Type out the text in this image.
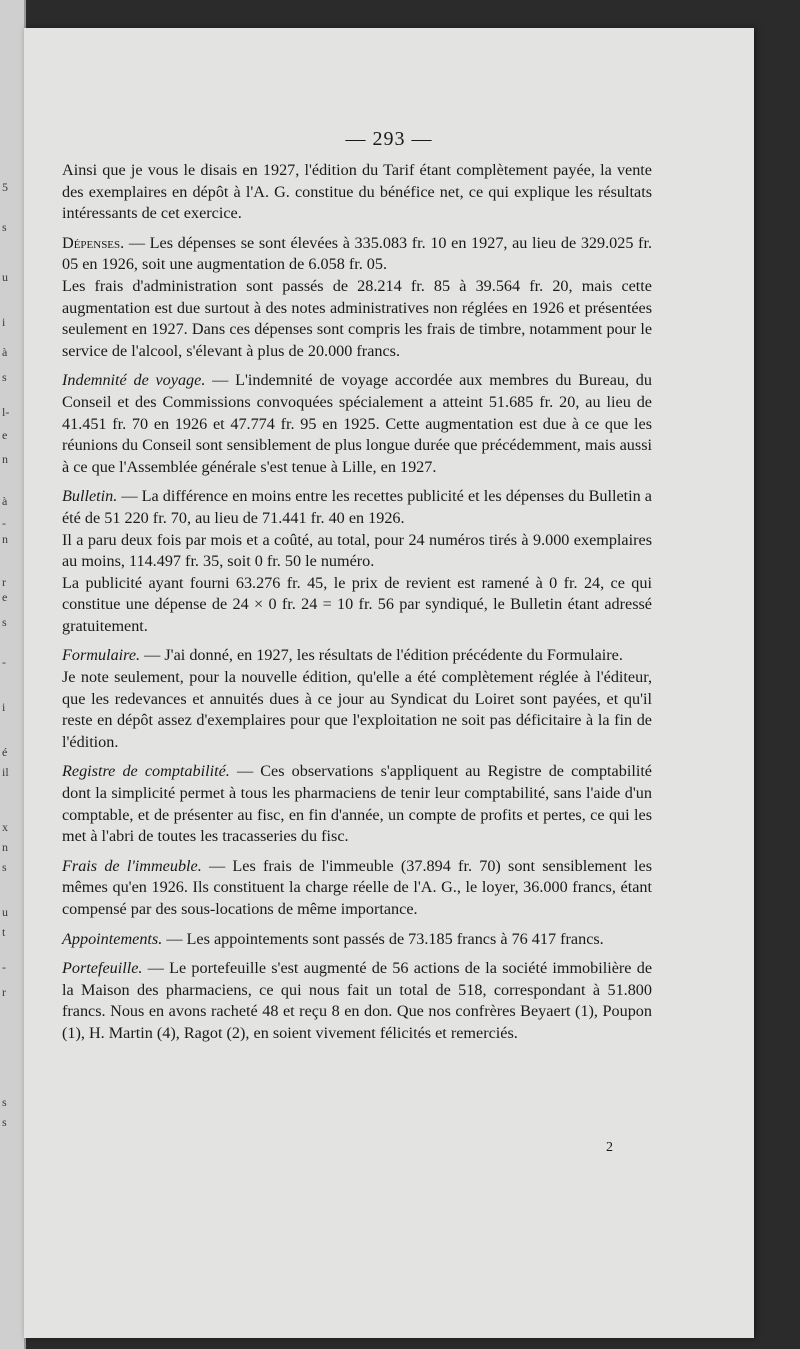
5
s
u
i
à
s
l-
e
n
à
-
n
r
e
s
-
i
é
il
x
n
s
u
t
-
r
s
s
— 293 —

Ainsi que je vous le disais en 1927, l'édition du Tarif étant complètement payée, la vente des exemplaires en dépôt à l'A. G. constitue du bénéfice net, ce qui explique les résultats intéressants de cet exercice.

Dépenses. — Les dépenses se sont élevées à 335.083 fr. 10 en 1927, au lieu de 329.025 fr. 05 en 1926, soit une augmentation de 6.058 fr. 05.

Les frais d'administration sont passés de 28.214 fr. 85 à 39.564 fr. 20, mais cette augmentation est due surtout à des notes administratives non réglées en 1926 et présentées seulement en 1927. Dans ces dépenses sont compris les frais de timbre, notamment pour le service de l'alcool, s'élevant à plus de 20.000 francs.

Indemnité de voyage. — L'indemnité de voyage accordée aux membres du Bureau, du Conseil et des Commissions convoquées spécialement a atteint 51.685 fr. 20, au lieu de 41.451 fr. 70 en 1926 et 47.774 fr. 95 en 1925. Cette augmentation est due à ce que les réunions du Conseil sont sensiblement de plus longue durée que précédemment, mais aussi à ce que l'Assemblée générale s'est tenue à Lille, en 1927.

Bulletin. — La différence en moins entre les recettes publicité et les dépenses du Bulletin a été de 51 220 fr. 70, au lieu de 71.441 fr. 40 en 1926.

Il a paru deux fois par mois et a coûté, au total, pour 24 numéros tirés à 9.000 exemplaires au moins, 114.497 fr. 35, soit 0 fr. 50 le numéro.

La publicité ayant fourni 63.276 fr. 45, le prix de revient est ramené à 0 fr. 24, ce qui constitue une dépense de 24 × 0 fr. 24 = 10 fr. 56 par syndiqué, le Bulletin étant adressé gratuitement.

Formulaire. — J'ai donné, en 1927, les résultats de l'édition précédente du Formulaire.

Je note seulement, pour la nouvelle édition, qu'elle a été complètement réglée à l'éditeur, que les redevances et annuités dues à ce jour au Syndicat du Loiret sont payées, et qu'il reste en dépôt assez d'exemplaires pour que l'exploitation ne soit pas déficitaire à la fin de l'édition.

Registre de comptabilité. — Ces observations s'appliquent au Registre de comptabilité dont la simplicité permet à tous les pharmaciens de tenir leur comptabilité, sans l'aide d'un comptable, et de présenter au fisc, en fin d'année, un compte de profits et pertes, ce qui les met à l'abri de toutes les tracasseries du fisc.

Frais de l'immeuble. — Les frais de l'immeuble (37.894 fr. 70) sont sensiblement les mêmes qu'en 1926. Ils constituent la charge réelle de l'A. G., le loyer, 36.000 francs, étant compensé par des sous-locations de même importance.

Appointements. — Les appointements sont passés de 73.185 francs à 76 417 francs.

Portefeuille. — Le portefeuille s'est augmenté de 56 actions de la société immobilière de la Maison des pharmaciens, ce qui nous fait un total de 518, correspondant à 51.800 francs. Nous en avons racheté 48 et reçu 8 en don. Que nos confrères Beyaert (1), Poupon (1), H. Martin (4), Ragot (2), en soient vivement félicités et remerciés.

2
